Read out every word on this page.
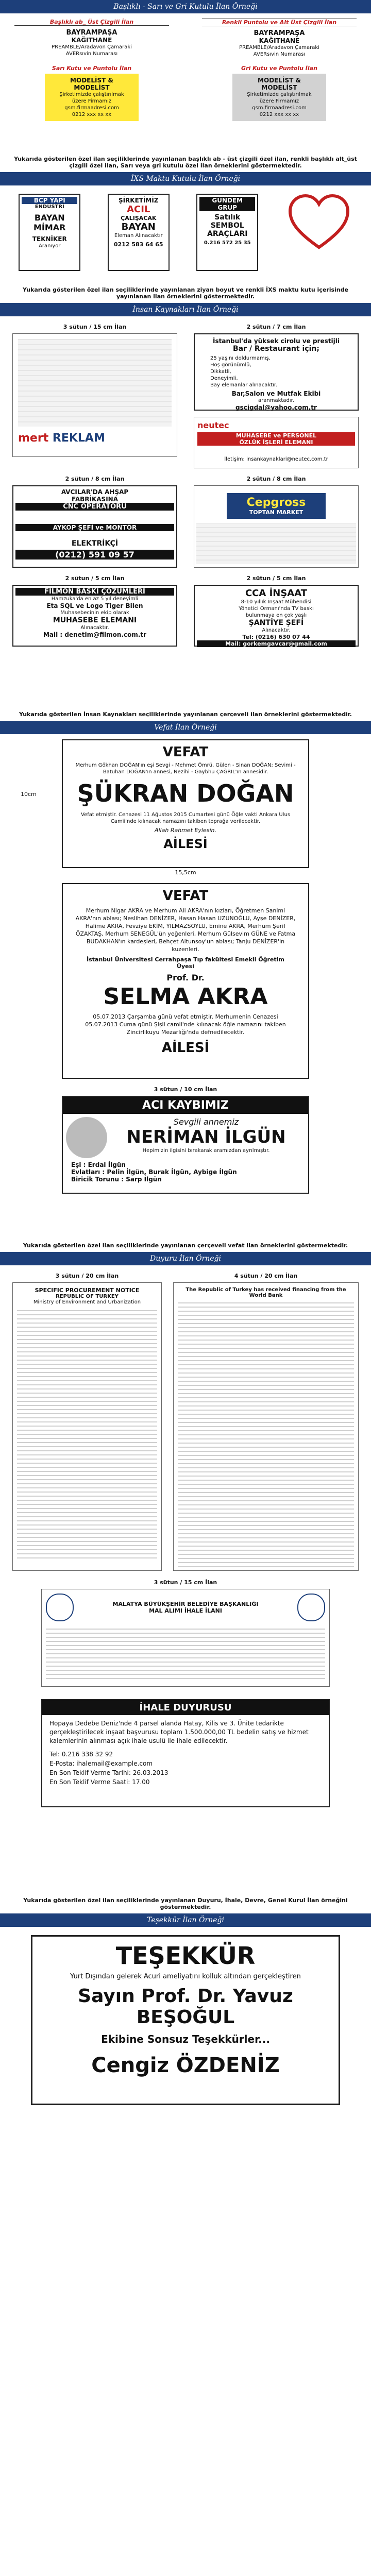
Başlıklı - Sarı ve Gri Kutulu İlan Örneği
Başlıklı ab_ Üst Çizgili İlan
BAYRAMPAŞA
KAĞITHANE
PREAMBLE/Aradavon Çamaraki
AVERsıvin Numarası
Renkli Puntolu ve Alt Üst Çizgili İlan
BAYRAMPAŞA
KAĞITHANE
PREAMBLE/Aradavon Çamaraki
AVERsıvin Numarası
Sarı Kutu ve Puntolu İlan
MODELİST &
MODELİST
Şirketimizde çalıştırılmak
üzere Firmamız
gsm.firmaadresi.com
0212 xxx xx xx
Gri Kutu ve Puntolu İlan
MODELİST &
MODELİST
Şirketimizde çalıştırılmak
üzere Firmamız
gsm.firmaadresi.com
0212 xxx xx xx
Yukarıda gösterilen özel ilan seçiliklerinde yayınlanan başlıklı ab - üst çizgili özel ilan, renkli başlıklı alt_üst çizgili özel ilan, Sarı veya gri kutulu özel ilan örneklerini göstermektedir.
İXS Maktu Kutulu İlan Örneği
BCP YAPI
ENDÜSTRİ
BAYAN
MİMAR
TEKNİKER
Aranıyor
ŞİRKETİMİZ
ACIL
ÇALIŞACAK
BAYAN
Eleman Alınacaktır
0212 583 64 65
GÜNDEM
GRUP
Satılık
SEMBOL
ARAÇLARI
0.216 572 25 35
Yukarıda gösterilen özel ilan seçiliklerinde yayınlanan ziyan boyut ve renkli İXS maktu kutu içerisinde yayınlanan ilan örneklerini göstermektedir.
İnsan Kaynakları İlan Örneği
3 sütun / 15 cm İlan
mert REKLAM
2 sütun / 7 cm İlan
İstanbul'da yüksek cirolu ve prestijli
Bar / Restaurant için;
25 yaşını doldurmamış,
Hoş görünümlü,
Dikkatli,
Deneyimli,
Bay elemanlar alınacaktır.
Bar,Salon ve Mutfak Ekibi
aranmaktadır.
gscigdal@yahoo.com.tr
neutec
MUHASEBE ve PERSONEL
ÖZLÜK İŞLERİ ELEMANI
İletişim: insankaynaklari@neutec.com.tr
2 sütun / 8 cm İlan
AVCILAR'DA AHŞAP
FABRİKASINA
CNC OPERATÖRÜ
AYKOP ŞEFİ ve MONTÖR
ELEKTRİKÇİ
(0212) 591 09 57
2 sütun / 8 cm İlan
Cepgross
TOPTAN MARKET
2 sütun / 5 cm İlan
FİLMON BASKI ÇÖZÜMLERİ
Hamzuka'da en az 5 yıl deneyimli
Eta SQL ve Logo Tiger Bilen
Muhasebecinin ekip olarak
MUHASEBE ELEMANI
Alınacaktır.
Mail : denetim@filmon.com.tr
2 sütun / 5 cm İlan
CCA İNŞAAT
8-10 yıllık İnşaat Mühendisi
Yönetici Ormanı'nda TV baskı
bulunmaya en çok yaşlı
ŞANTİYE ŞEFİ
Alınacaktır.
Tel: (0216) 630 07 44
Mail: gorkemgavcar@gmail.com
Yukarıda gösterilen İnsan Kaynakları seçiliklerinde yayınlanan çerçeveli ilan örneklerini göstermektedir.
Vefat İlan Örneği
10cm
VEFAT
Merhum Gökhan DOĞAN'ın eşi Sevgi - Mehmet Ömrü, Gülen - Sinan DOĞAN; Sevimi - Batuhan DOĞAN'ın annesi, Nezihi - Gaybhu ÇAĞRIL'ın annesidir.
ŞÜKRAN DOĞAN
Vefat etmiştir. Cenazesi 11 Ağustos 2015 Cumartesi günü Öğle vakti Ankara Ulus Camii'nde kılınacak namazını takiben toprağa verilecektir.
Allah Rahmet Eylesin.
AİLESİ
15,5cm
VEFAT
Merhum Nigar AKRA ve Merhum Ali AKRA'nın kızları, Öğretmen Sanimi AKRA'nın ablası; Neslihan DENİZER, Hasan Hasan UZUNOĞLU, Ayşe DENİZER, Halime AKRA, Fevziye EKİM, YILMAZSOYLU, Emine AKRA, Merhum Şerif ÖZAKTAŞ, Merhum SENEGÜL'ün yeğenleri, Merhum Gülsevim GÜNE ve Fatma BUDAKHAN'ın kardeşleri, Behçet Altunsoy'un ablası; Tanju DENİZER'in kuzenleri.
İstanbul Üniversitesi Cerrahpaşa Tıp fakültesi Emekli Öğretim Üyesi
Prof. Dr.
SELMA AKRA
05.07.2013 Çarşamba günü vefat etmiştir. Merhumenin Cenazesi 05.07.2013 Cuma günü Şişli camii'nde kılınacak öğle namazını takiben Zincirlikuyu Mezarlığı'nda defnedilecektir.
AİLESİ
3 sütun / 10 cm İlan
ACI KAYBIMIZ
Sevgili annemiz
NERİMAN İLGÜN
Hepimizin ilgisini bırakarak aramızdan ayrılmıştır.
Eşi : Erdal İlgün
Evlatları : Pelin İlgün, Burak İlgün, Aybige İlgün
Biricik Torunu : Sarp İlgün
Yukarıda gösterilen özel ilan seçiliklerinde yayınlanan çerçeveli vefat ilan örneklerini göstermektedir.
Duyuru İlan Örneği
3 sütun / 20 cm İlan
SPECIFIC PROCUREMENT NOTICE
REPUBLIC OF TURKEY
Ministry of Environment and Urbanization
4 sütun / 20 cm İlan
The Republic of Turkey has received financing from the World Bank
3 sütun / 15 cm İlan
MALATYA BÜYÜKŞEHİR BELEDİYE BAŞKANLIĞI
MAL ALIMI İHALE İLANI
İHALE DUYURUSU
Hopaya Dedebe Deniz'nde 4 parsel alanda Hatay, Kilis ve 3. Ünite tedarikte gerçekleştirilecek inşaat başvurusu toplam 1.500.000,00 TL bedelin satış ve hizmet kalemlerinin alınması açık ihale usulü ile ihale edilecektir.
Tel: 0.216 338 32 92
E-Posta: ihalemail@example.com
En Son Teklif Verme Tarihi: 26.03.2013
En Son Teklif Verme Saati: 17.00
Yukarıda gösterilen özel ilan seçiliklerinde yayınlanan Duyuru, İhale, Devre, Genel Kurul İlan örneğini göstermektedir.
Teşekkür İlan Örneği
TEŞEKKÜR
Yurt Dışından gelerek Acuri ameliyatını kolluk altından gerçekleştiren
Sayın Prof. Dr. Yavuz BEŞOĞUL
Ekibine Sonsuz Teşekkürler...
Cengiz ÖZDENİZ
